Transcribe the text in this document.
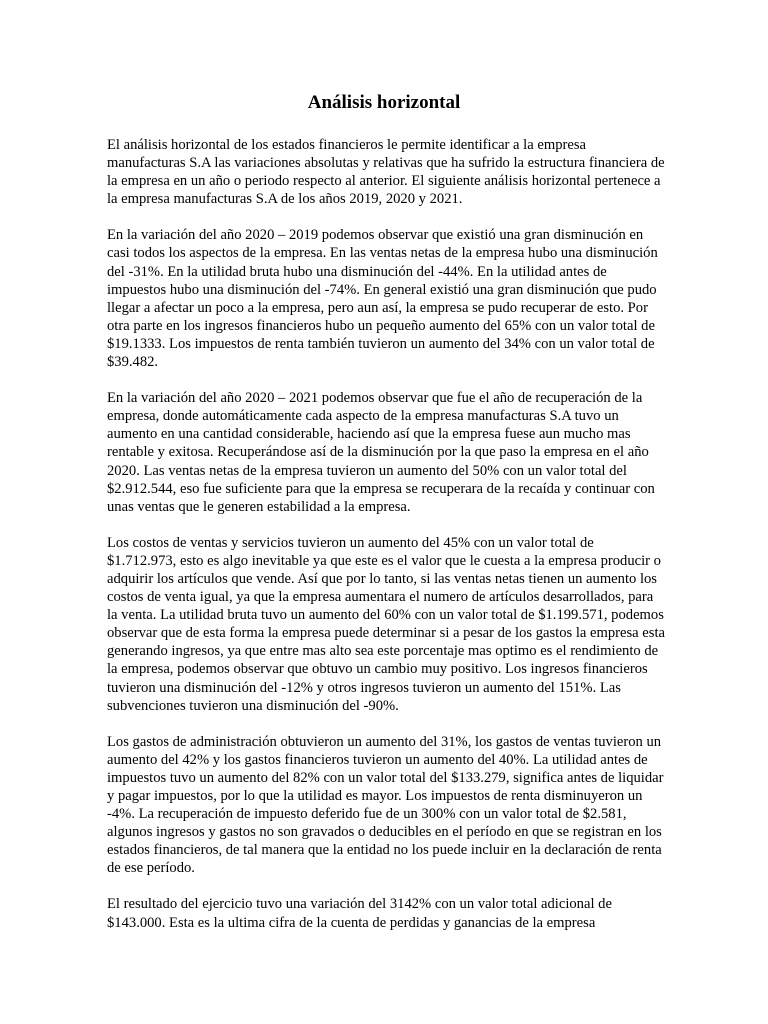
Análisis horizontal

El análisis horizontal de los estados financieros le permite identificar a la empresa manufacturas S.A las variaciones absolutas y relativas que ha sufrido la estructura financiera de la empresa en un año o periodo respecto al anterior. El siguiente análisis horizontal pertenece a la empresa manufacturas S.A de los años 2019, 2020 y 2021.

En la variación del año 2020 – 2019 podemos observar que existió una gran disminución en casi todos los aspectos de la empresa. En las ventas netas de la empresa hubo una disminución del -31%. En la utilidad bruta hubo una disminución del -44%. En la utilidad antes de impuestos hubo una disminución del -74%. En general existió una gran disminución que pudo llegar a afectar un poco a la empresa, pero aun así, la empresa se pudo recuperar de esto. Por otra parte en los ingresos financieros hubo un pequeño aumento del 65% con un valor total de $19.1333. Los impuestos de renta también tuvieron un aumento del 34% con un valor total de $39.482.

En la variación del año 2020 – 2021 podemos observar que fue el año de recuperación de la empresa, donde automáticamente cada aspecto de la empresa manufacturas S.A tuvo un aumento en una cantidad considerable, haciendo así que la empresa fuese aun mucho mas rentable y exitosa. Recuperándose así de la disminución por la que paso la empresa en el año 2020. Las ventas netas de la empresa tuvieron un aumento del 50% con un valor total del $2.912.544, eso fue suficiente para que la empresa se recuperara de la recaída y continuar con unas ventas que le generen estabilidad a la empresa.

Los costos de ventas y servicios tuvieron un aumento del 45% con un valor total de $1.712.973, esto es algo inevitable ya que este es el valor que le cuesta a la empresa producir o adquirir los artículos que vende. Así que por lo tanto, si las ventas netas tienen un aumento los costos de venta igual, ya que la empresa aumentara el numero de artículos desarrollados, para la venta. La utilidad bruta tuvo un aumento del 60% con un valor total de $1.199.571, podemos observar que de esta forma la empresa puede determinar si a pesar de los gastos la empresa esta generando ingresos, ya que entre mas alto sea este porcentaje mas optimo es el rendimiento de la empresa, podemos observar que obtuvo un cambio muy positivo. Los ingresos financieros tuvieron una disminución del -12% y otros ingresos tuvieron un aumento del 151%. Las subvenciones tuvieron una disminución del -90%.

Los gastos de administración obtuvieron un aumento del 31%, los gastos de ventas tuvieron un aumento del 42% y los gastos financieros tuvieron un aumento del 40%. La utilidad antes de impuestos tuvo un aumento del 82% con un valor total del $133.279, significa antes de liquidar y pagar impuestos, por lo que la utilidad es mayor. Los impuestos de renta disminuyeron un -4%. La recuperación de impuesto deferido fue de un 300% con un valor total de $2.581, algunos ingresos y gastos no son gravados o deducibles en el período en que se registran en los estados financieros, de tal manera que la entidad no los puede incluir en la declaración de renta de ese período.

El resultado del ejercicio tuvo una variación del 3142% con un valor total adicional de $143.000. Esta es la ultima cifra de la cuenta de perdidas y ganancias de la empresa
